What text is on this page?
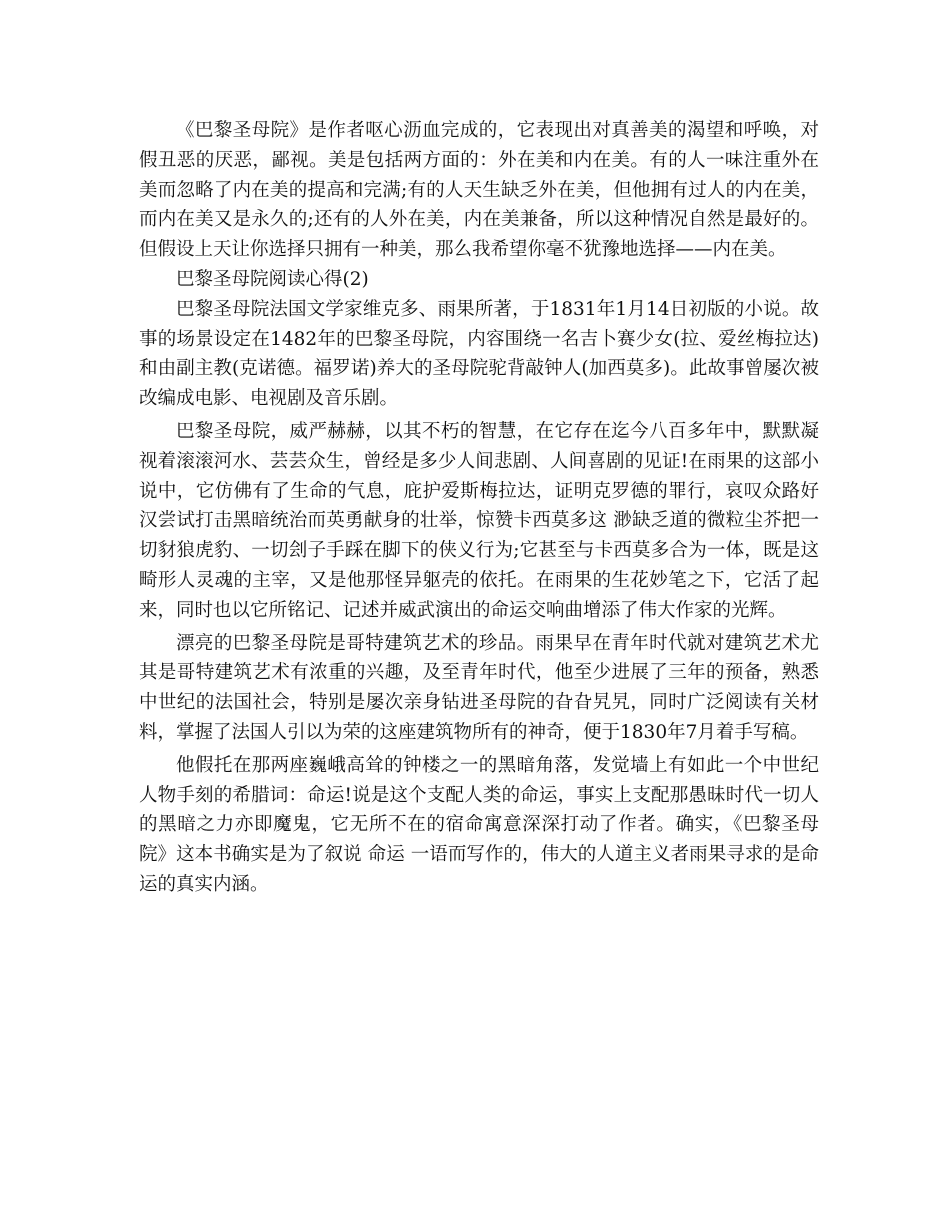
《巴黎圣母院》是作者呕心沥血完成的，它表现出对真善美的渴望和呼唤，对假丑恶的厌恶，鄙视。美是包括两方面的：外在美和内在美。有的人一味注重外在美而忽略了内在美的提高和完满;有的人天生缺乏外在美，但他拥有过人的内在美，而内在美又是永久的;还有的人外在美，内在美兼备，所以这种情况自然是最好的。但假设上天让你选择只拥有一种美，那么我希望你毫不犹豫地选择——内在美。

巴黎圣母院阅读心得(2)

巴黎圣母院法国文学家维克多、雨果所著，于1831年1月14日初版的小说。故事的场景设定在1482年的巴黎圣母院，内容围绕一名吉卜赛少女(拉、爱丝梅拉达)和由副主教(克诺德。福罗诺)养大的圣母院驼背敲钟人(加西莫多)。此故事曾屡次被改编成电影、电视剧及音乐剧。

巴黎圣母院，威严赫赫，以其不朽的智慧，在它存在迄今八百多年中，默默凝视着滚滚河水、芸芸众生，曾经是多少人间悲剧、人间喜剧的见证!在雨果的这部小说中，它仿佛有了生命的气息，庇护爱斯梅拉达，证明克罗德的罪行，哀叹众路好汉尝试打击黑暗统治而英勇献身的壮举，惊赞卡西莫多这 渺缺乏道的微粒尘芥把一切豺狼虎豹、一切刽子手踩在脚下的侠义行为;它甚至与卡西莫多合为一体，既是这畸形人灵魂的主宰，又是他那怪异躯壳的依托。在雨果的生花妙笔之下，它活了起来，同时也以它所铭记、记述并威武演出的命运交响曲增添了伟大作家的光辉。

漂亮的巴黎圣母院是哥特建筑艺术的珍品。雨果早在青年时代就对建筑艺术尤其是哥特建筑艺术有浓重的兴趣，及至青年时代，他至少进展了三年的预备，熟悉中世纪的法国社会，特别是屡次亲身钻进圣母院的旮旮旯旯，同时广泛阅读有关材料，掌握了法国人引以为荣的这座建筑物所有的神奇，便于1830年7月着手写稿。

他假托在那两座巍峨高耸的钟楼之一的黑暗角落，发觉墙上有如此一个中世纪人物手刻的希腊词：命运!说是这个支配人类的命运，事实上支配那愚昧时代一切人的黑暗之力亦即魔鬼，它无所不在的宿命寓意深深打动了作者。确实，《巴黎圣母院》这本书确实是为了叙说 命运 一语而写作的，伟大的人道主义者雨果寻求的是命运的真实内涵。
